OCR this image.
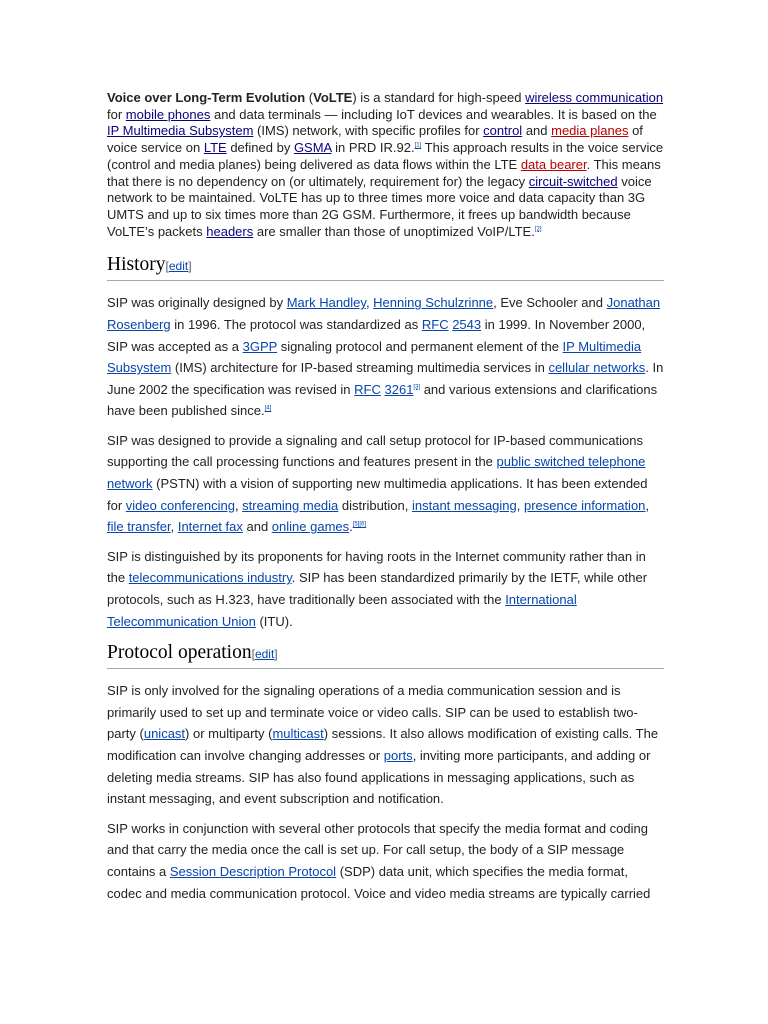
Voice over Long-Term Evolution (VoLTE) is a standard for high-speed wireless communication for mobile phones and data terminals — including IoT devices and wearables. It is based on the IP Multimedia Subsystem (IMS) network, with specific profiles for control and media planes of voice service on LTE defined by GSMA in PRD IR.92.[1] This approach results in the voice service (control and media planes) being delivered as data flows within the LTE data bearer. This means that there is no dependency on (or ultimately, requirement for) the legacy circuit-switched voice network to be maintained. VoLTE has up to three times more voice and data capacity than 3G UMTS and up to six times more than 2G GSM. Furthermore, it frees up bandwidth because VoLTE’s packets headers are smaller than those of unoptimized VoIP/LTE.[2]

History[edit]

SIP was originally designed by Mark Handley, Henning Schulzrinne, Eve Schooler and Jonathan Rosenberg in 1996. The protocol was standardized as RFC 2543 in 1999. In November 2000, SIP was accepted as a 3GPP signaling protocol and permanent element of the IP Multimedia Subsystem (IMS) architecture for IP-based streaming multimedia services in cellular networks. In June 2002 the specification was revised in RFC 3261[3] and various extensions and clarifications have been published since.[4]

SIP was designed to provide a signaling and call setup protocol for IP-based communications supporting the call processing functions and features present in the public switched telephone network (PSTN) with a vision of supporting new multimedia applications. It has been extended for video conferencing, streaming media distribution, instant messaging, presence information, file transfer, Internet fax and online games.[5][6]

SIP is distinguished by its proponents for having roots in the Internet community rather than in the telecommunications industry. SIP has been standardized primarily by the IETF, while other protocols, such as H.323, have traditionally been associated with the International Telecommunication Union (ITU).

Protocol operation[edit]

SIP is only involved for the signaling operations of a media communication session and is primarily used to set up and terminate voice or video calls. SIP can be used to establish two-party (unicast) or multiparty (multicast) sessions. It also allows modification of existing calls. The modification can involve changing addresses or ports, inviting more participants, and adding or deleting media streams. SIP has also found applications in messaging applications, such as instant messaging, and event subscription and notification.

SIP works in conjunction with several other protocols that specify the media format and coding and that carry the media once the call is set up. For call setup, the body of a SIP message contains a Session Description Protocol (SDP) data unit, which specifies the media format, codec and media communication protocol. Voice and video media streams are typically carried
